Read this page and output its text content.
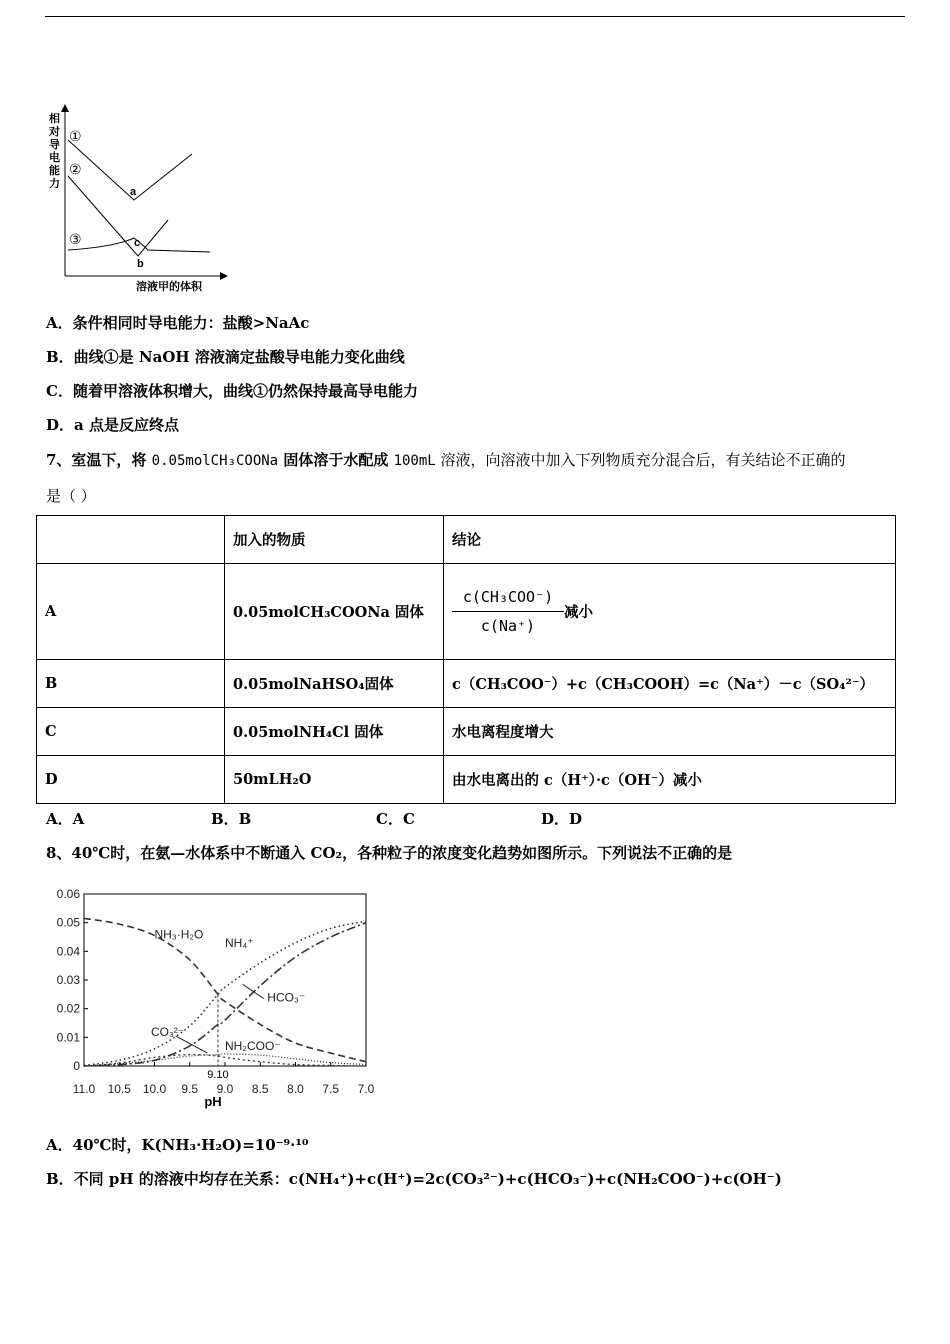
相
对
导
电
能
力
溶液甲的体积
①
②
③
a
c
b
A．条件相同时导电能力：盐酸>NaAc
B．曲线①是 NaOH 溶液滴定盐酸导电能力变化曲线
C．随着甲溶液体积增大，曲线①仍然保持最高导电能力
D．a 点是反应终点
7、室温下，将 0.05molCH₃COONa 固体溶于水配成 100mL 溶液，向溶液中加入下列物质充分混合后，有关结论不正确的
是（ ）
	加入的物质	结论
A	0.05molCH₃COONa 固体	$\frac{\text{c(CH₃COO⁻)}}{c(Na^+)}$ 减小

B	0.05molNaHSO₄固体	c（CH₃COO⁻）+c（CH₃COOH）=c（Na⁺）－c（SO₄²⁻）
C	0.05molNH₄Cl 固体	水电离程度增大
D	50mLH₂O	由水电离出的 c（H⁺）·c（OH⁻）减小
A．A	B．B	C．C	D．D
8、40℃时，在氨—水体系中不断通入 CO₂，各种粒子的浓度变化趋势如图所示。下列说法不正确的是
11.0 10.5 10.0 9.5 9.0 8.5 8.0 7.5 7.0
0
0.01
0.02
0.03
0.04
0.05
0.06
pH
9.10
NH₃·H₂O
NH₄⁺
HCO₃⁻
CO₃²⁻
NH₂COO⁻
A．40℃时，K(NH₃·H₂O)=10⁻⁹·¹⁰
B．不同 pH 的溶液中均存在关系：c(NH₄⁺)+c(H⁺)=2c(CO₃²⁻)+c(HCO₃⁻)+c(NH₂COO⁻)+c(OH⁻)
